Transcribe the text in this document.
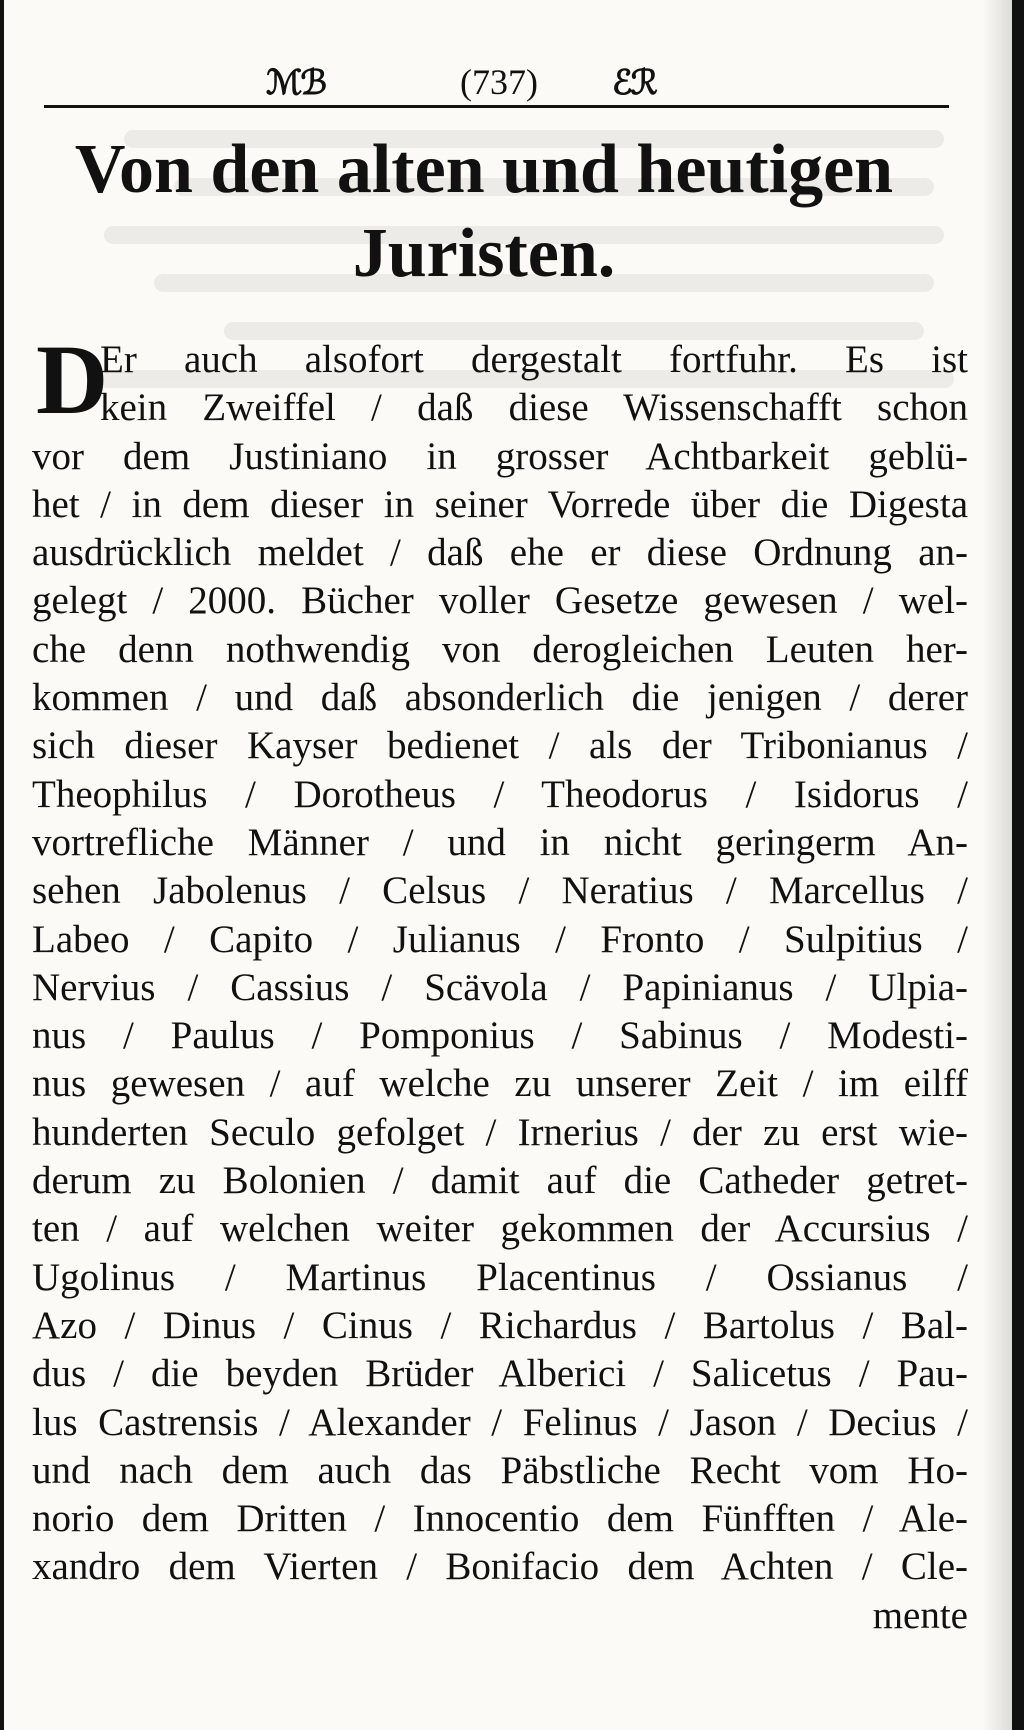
ℳℬ	(737)	ℰℛ
Von den alten und heutigen
Juristen.
D
Er auch alsofort dergestalt fortfuhr. Es ist
kein Zweiffel / daß diese Wissenschafft schon
vor dem Justiniano in grosser Achtbarkeit geblü-
het / in dem dieser in seiner Vorrede über die Digesta
ausdrücklich meldet / daß ehe er diese Ordnung an-
gelegt / 2000. Bücher voller Gesetze gewesen / wel-
che denn nothwendig von derogleichen Leuten her-
kommen / und daß absonderlich die jenigen / derer
sich dieser Kayser bedienet / als der Tribonianus /
Theophilus / Dorotheus / Theodorus / Isidorus /
vortrefliche Männer / und in nicht geringerm An-
sehen Jabolenus / Celsus / Neratius / Marcellus /
Labeo / Capito / Julianus / Fronto / Sulpitius /
Nervius / Cassius / Scävola / Papinianus / Ulpia-
nus / Paulus / Pomponius / Sabinus / Modesti-
nus gewesen / auf welche zu unserer Zeit / im eilff
hunderten Seculo gefolget / Irnerius / der zu erst wie-
derum zu Bolonien / damit auf die Catheder getret-
ten / auf welchen weiter gekommen der Accursius /
Ugolinus / Martinus Placentinus / Ossianus /
Azo / Dinus / Cinus / Richardus / Bartolus / Bal-
dus / die beyden Brüder Alberici / Salicetus / Pau-
lus Castrensis / Alexander / Felinus / Jason / Decius /
und nach dem auch das Päbstliche Recht vom Ho-
norio dem Dritten / Innocentio dem Fünfften / Ale-
xandro dem Vierten / Bonifacio dem Achten / Cle-
mente
